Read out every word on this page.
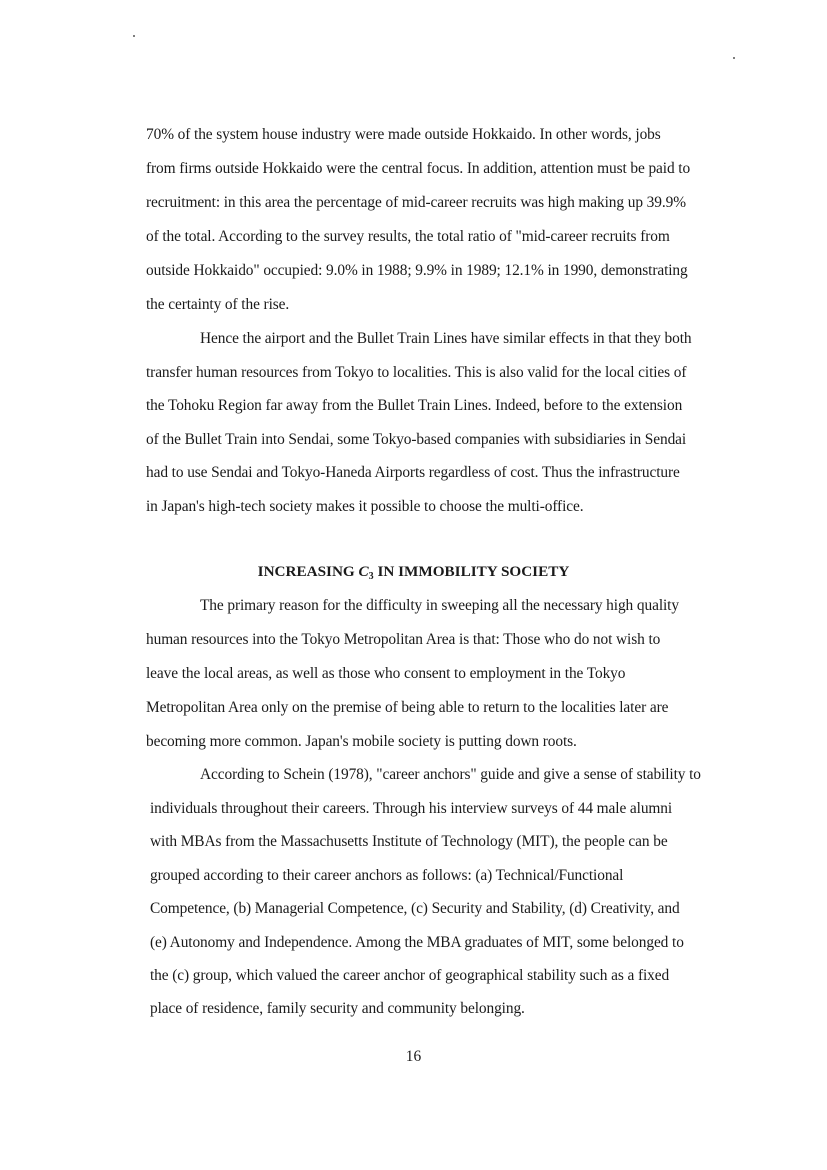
70% of the system house industry were made outside Hokkaido. In other words, jobs
from firms outside Hokkaido were the central focus. In addition, attention must be paid to
recruitment: in this area the percentage of mid-career recruits was high making up 39.9%
of the total. According to the survey results, the total ratio of "mid-career recruits from
outside Hokkaido" occupied: 9.0% in 1988; 9.9% in 1989; 12.1% in 1990, demonstrating
the certainty of the rise.
Hence the airport and the Bullet Train Lines have similar effects in that they both
transfer human resources from Tokyo to localities. This is also valid for the local cities of
the Tohoku Region far away from the Bullet Train Lines. Indeed, before to the extension
of the Bullet Train into Sendai, some Tokyo-based companies with subsidiaries in Sendai
had to use Sendai and Tokyo-Haneda Airports regardless of cost. Thus the infrastructure
in Japan's high-tech society makes it possible to choose the multi-office.
INCREASING C3 IN IMMOBILITY SOCIETY
The primary reason for the difficulty in sweeping all the necessary high quality
human resources into the Tokyo Metropolitan Area is that: Those who do not wish to
leave the local areas, as well as those who consent to employment in the Tokyo
Metropolitan Area only on the premise of being able to return to the localities later are
becoming more common. Japan's mobile society is putting down roots.
According to Schein (1978), "career anchors" guide and give a sense of stability to
individuals throughout their careers. Through his interview surveys of 44 male alumni
with MBAs from the Massachusetts Institute of Technology (MIT), the people can be
grouped according to their career anchors as follows: (a) Technical/Functional
Competence, (b) Managerial Competence, (c) Security and Stability, (d) Creativity, and
(e) Autonomy and Independence. Among the MBA graduates of MIT, some belonged to
the (c) group, which valued the career anchor of geographical stability such as a fixed
place of residence, family security and community belonging.
16
